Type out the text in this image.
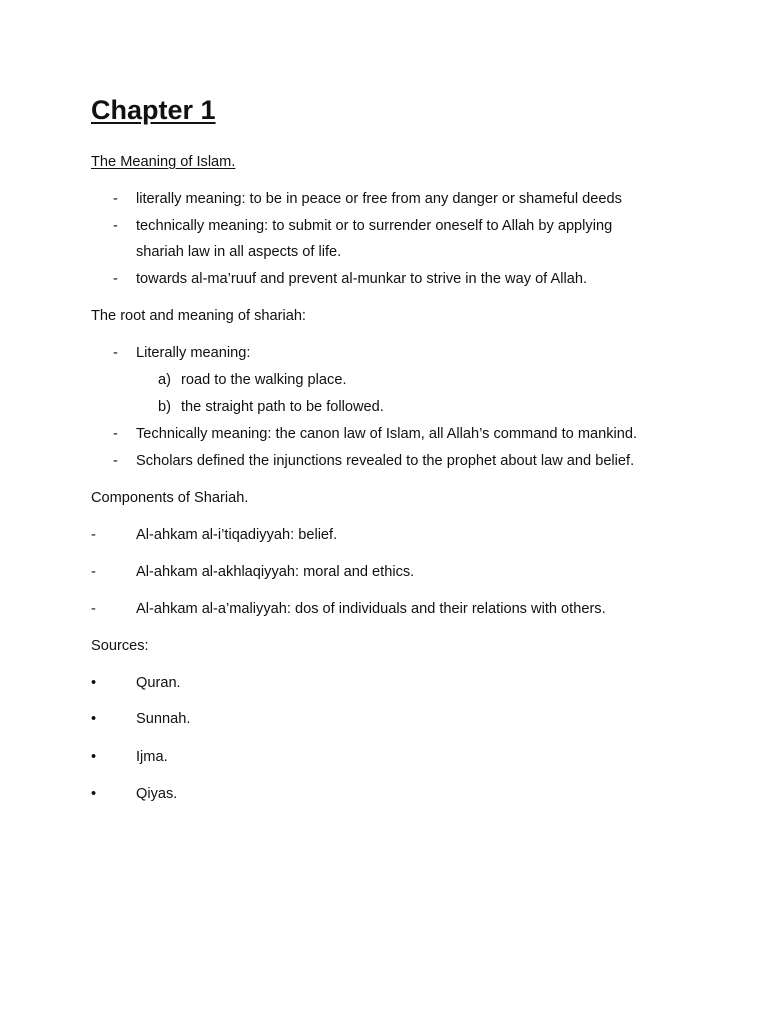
Chapter 1
The Meaning of Islam.
- literally meaning: to be in peace or free from any danger or shameful deeds
- technically meaning: to submit or to surrender oneself to Allah by applying
shariah law in all aspects of life.
- towards al-ma’ruuf and prevent al-munkar to strive in the way of Allah.
The root and meaning of shariah:
- Literally meaning:
a) road to the walking place.
b) the straight path to be followed.
- Technically meaning: the canon law of Islam, all Allah’s command to mankind.
- Scholars defined the injunctions revealed to the prophet about law and belief.
Components of Shariah.
-	Al-ahkam al-i’tiqadiyyah: belief.
-	Al-ahkam al-akhlaqiyyah: moral and ethics.
-	Al-ahkam al-a’maliyyah: dos of individuals and their relations with others.
Sources:
•	Quran.
•	Sunnah.
•	Ijma.
•	Qiyas.
